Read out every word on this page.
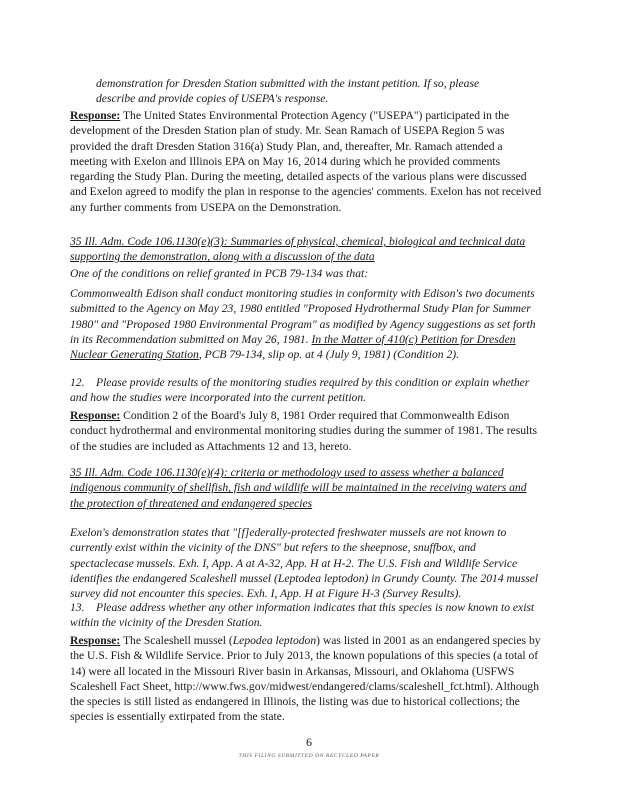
demonstration for Dresden Station submitted with the instant petition. If so, please
describe and provide copies of USEPA's response.
Response: The United States Environmental Protection Agency ("USEPA") participated in the development of the Dresden Station plan of study. Mr. Sean Ramach of USEPA Region 5 was provided the draft Dresden Station 316(a) Study Plan, and, thereafter, Mr. Ramach attended a meeting with Exelon and Illinois EPA on May 16, 2014 during which he provided comments regarding the Study Plan. During the meeting, detailed aspects of the various plans were discussed and Exelon agreed to modify the plan in response to the agencies' comments. Exelon has not received any further comments from USEPA on the Demonstration.
35 Ill. Adm. Code 106.1130(e)(3): Summaries of physical, chemical, biological and technical data supporting the demonstration, along with a discussion of the data
One of the conditions on relief granted in PCB 79-134 was that:
Commonwealth Edison shall conduct monitoring studies in conformity with Edison's two documents submitted to the Agency on May 23, 1980 entitled "Proposed Hydrothermal Study Plan for Summer 1980" and "Proposed 1980 Environmental Program" as modified by Agency suggestions as set forth in its Recommendation submitted on May 26, 1981. In the Matter of 410(c) Petition for Dresden Nuclear Generating Station, PCB 79-134, slip op. at 4 (July 9, 1981) (Condition 2).
12. Please provide results of the monitoring studies required by this condition or explain whether and how the studies were incorporated into the current petition.
Response: Condition 2 of the Board's July 8, 1981 Order required that Commonwealth Edison conduct hydrothermal and environmental monitoring studies during the summer of 1981. The results of the studies are included as Attachments 12 and 13, hereto.
35 Ill. Adm. Code 106.1130(e)(4): criteria or methodology used to assess whether a balanced indigenous community of shellfish, fish and wildlife will be maintained in the receiving waters and the protection of threatened and endangered species
Exelon's demonstration states that "[f]ederally-protected freshwater mussels are not known to currently exist within the vicinity of the DNS" but refers to the sheepnose, snuffbox, and spectaclecase mussels. Exh. I, App. A at A-32, App. H at H-2. The U.S. Fish and Wildlife Service identifies the endangered Scaleshell mussel (Leptodea leptodon) in Grundy County. The 2014 mussel survey did not encounter this species. Exh. I, App. H at Figure H-3 (Survey Results).
13. Please address whether any other information indicates that this species is now known to exist within the vicinity of the Dresden Station.
Response: The Scaleshell mussel (Lepodea leptodon) was listed in 2001 as an endangered species by the U.S. Fish & Wildlife Service. Prior to July 2013, the known populations of this species (a total of 14) were all located in the Missouri River basin in Arkansas, Missouri, and Oklahoma (USFWS Scaleshell Fact Sheet, http://www.fws.gov/midwest/endangered/clams/scaleshell_fct.html). Although the species is still listed as endangered in Illinois, the listing was due to historical collections; the species is essentially extirpated from the state.
6
THIS FILING SUBMITTED ON RECYCLED PAPER
